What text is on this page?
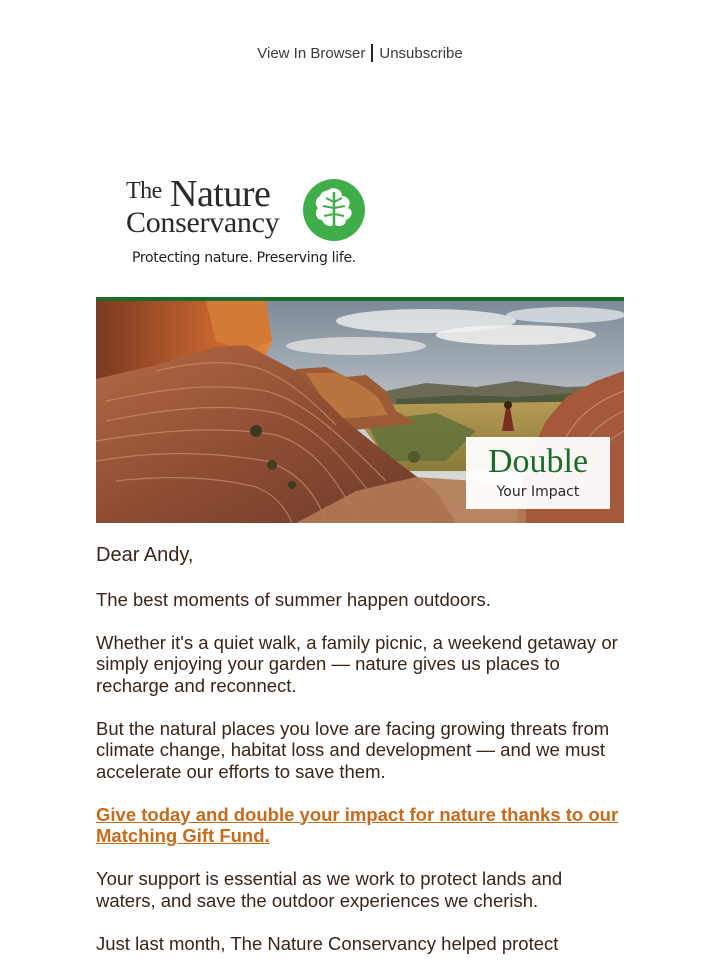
View In Browser Unsubscribe
The Nature
Conservancy
Protecting nature. Preserving life.
Double
Your Impact

Dear Andy,

The best moments of summer happen outdoors.

Whether it's a quiet walk, a family picnic, a weekend getaway or simply enjoying your garden — nature gives us places to recharge and reconnect.

But the natural places you love are facing growing threats from climate change, habitat loss and development — and we must accelerate our efforts to save them.

Give today and double your impact for nature thanks to our Matching Gift Fund.

Your support is essential as we work to protect lands and waters, and save the outdoor experiences we cherish.

Just last month, The Nature Conservancy helped protect
